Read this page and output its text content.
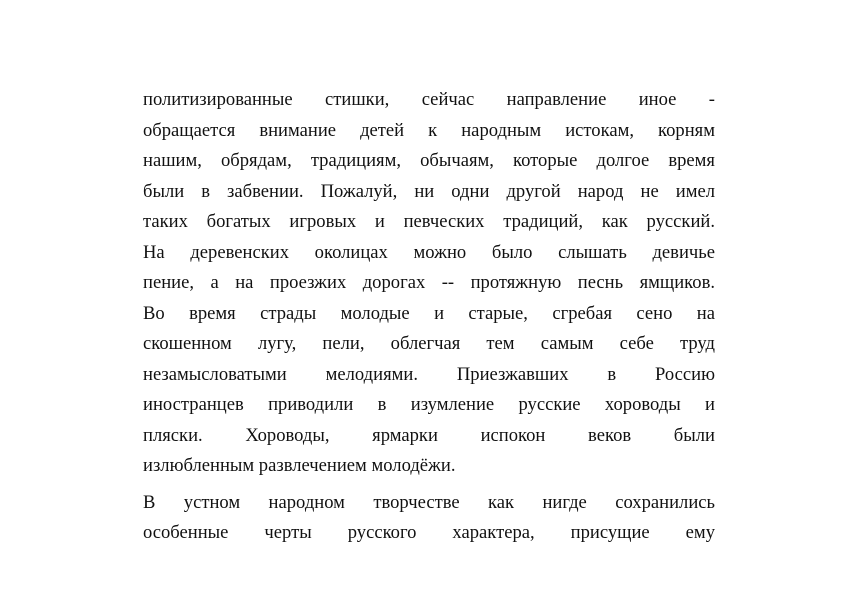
политизированные стишки, сейчас направление иное -
обращается внимание детей к народным истокам, корням
нашим, обрядам, традициям, обычаям, которые долгое время
были в забвении. Пожалуй, ни одни другой народ не имел
таких богатых игровых и певческих традиций, как русский.
На деревенских околицах можно было слышать девичье
пение, а на проезжих дорогах -- протяжную песнь ямщиков.
Во время страды молодые и старые, сгребая сено на
скошенном лугу, пели, облегчая тем самым себе труд
незамысловатыми мелодиями. Приезжавших в Россию
иностранцев приводили в изумление русские хороводы и
пляски. Хороводы, ярмарки испокон веков были
излюбленным развлечением молодёжи.

В устном народном творчестве как нигде сохранились
особенные черты русского характера, присущие ему
